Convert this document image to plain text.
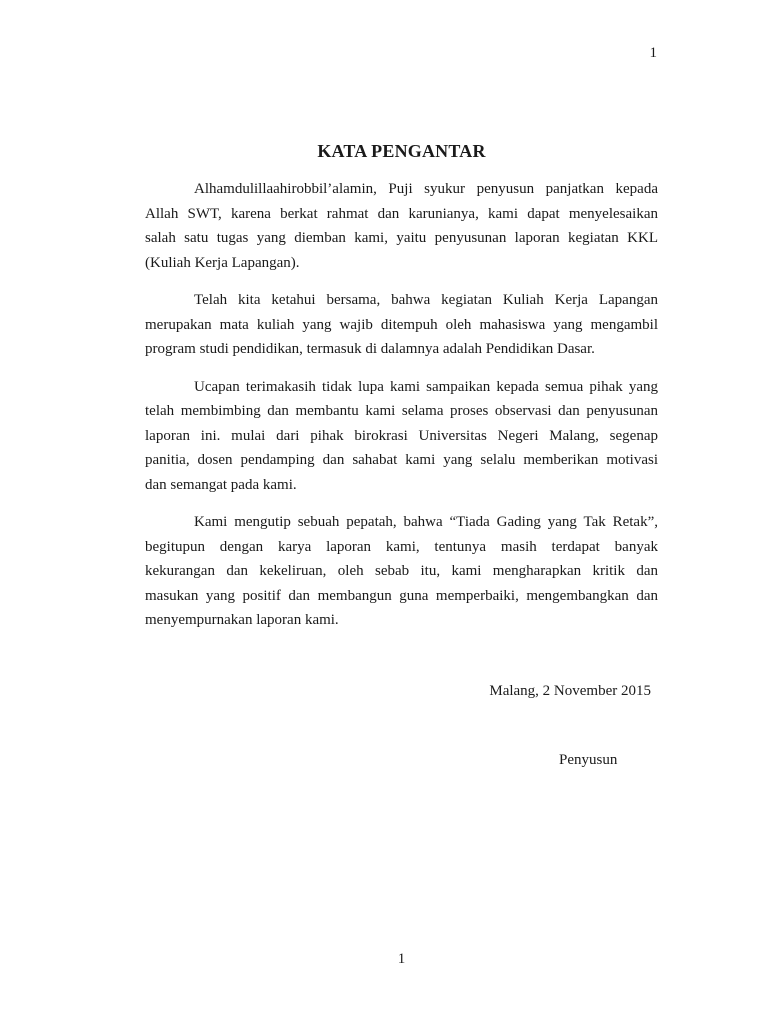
1
KATA PENGANTAR
Alhamdulillaahirobbil’alamin, Puji syukur penyusun panjatkan kepada
Allah SWT, karena berkat rahmat dan karunianya, kami dapat menyelesaikan
salah satu tugas yang diemban kami, yaitu penyusunan laporan kegiatan KKL
(Kuliah Kerja Lapangan).
Telah kita ketahui bersama, bahwa kegiatan Kuliah Kerja Lapangan
merupakan mata kuliah yang wajib ditempuh oleh mahasiswa yang mengambil
program studi pendidikan, termasuk di dalamnya adalah Pendidikan Dasar.
Ucapan terimakasih tidak lupa kami sampaikan kepada semua pihak yang
telah membimbing dan membantu kami selama proses observasi dan penyusunan
laporan ini. mulai dari pihak birokrasi Universitas Negeri Malang, segenap
panitia, dosen pendamping dan sahabat kami yang selalu memberikan motivasi
dan semangat pada kami.
Kami mengutip sebuah pepatah, bahwa “Tiada Gading yang Tak Retak”,
begitupun dengan karya laporan kami, tentunya masih terdapat banyak
kekurangan dan kekeliruan, oleh sebab itu, kami mengharapkan kritik dan
masukan yang positif dan membangun guna memperbaiki, mengembangkan dan
menyempurnakan laporan kami.
Malang, 2 November 2015
Penyusun
1
